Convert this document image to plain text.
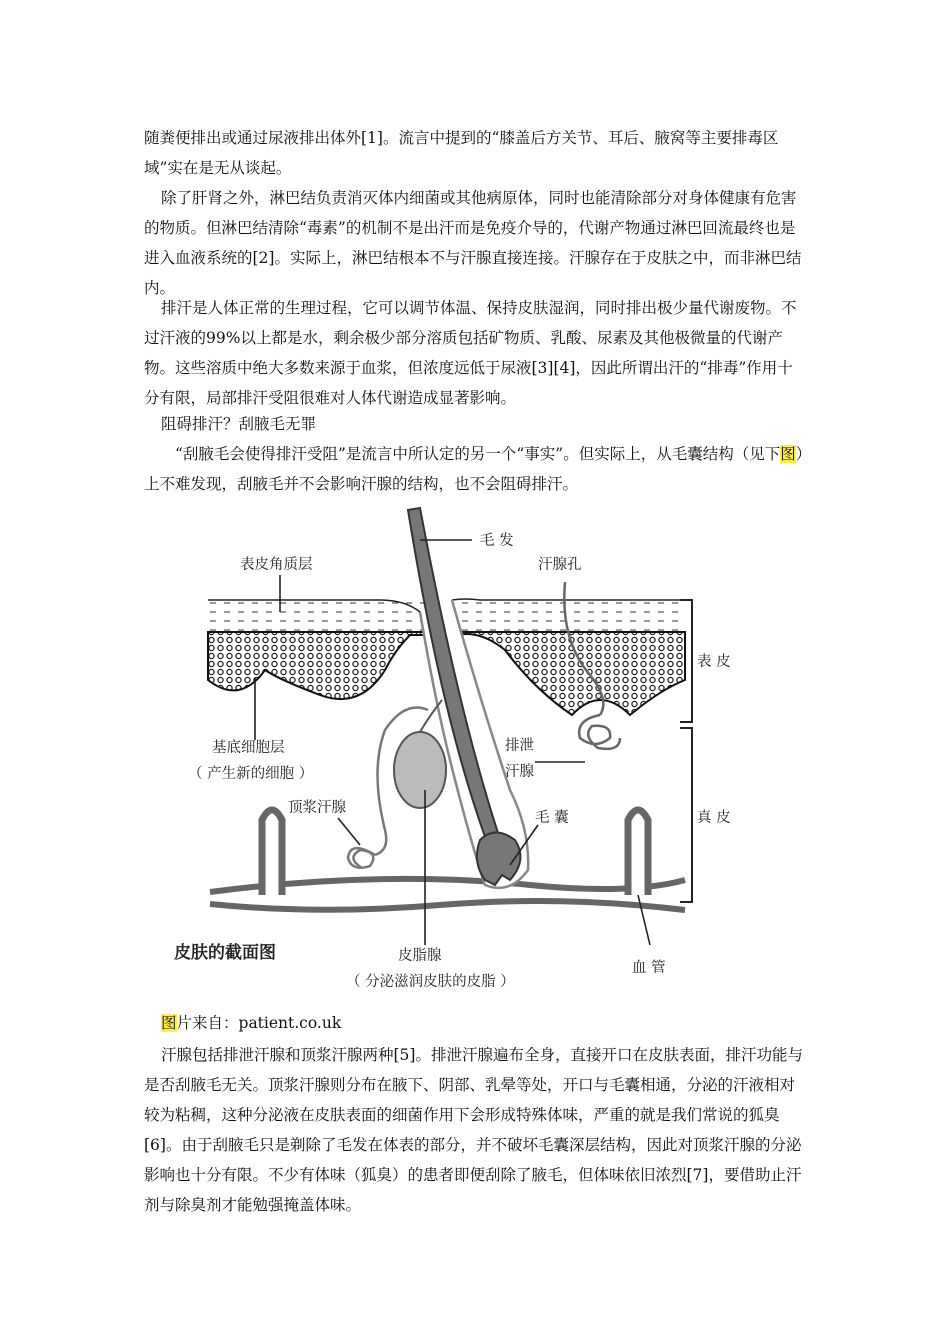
随粪便排出或通过尿液排出体外[1]。流言中提到的“膝盖后方关节、耳后、腋窝等主要排毒区域”实在是无从谈起。

除了肝肾之外，淋巴结负责消灭体内细菌或其他病原体，同时也能清除部分对身体健康有危害的物质。但淋巴结清除“毒素”的机制不是出汗而是免疫介导的，代谢产物通过淋巴回流最终也是进入血液系统的[2]。实际上，淋巴结根本不与汗腺直接连接。汗腺存在于皮肤之中，而非淋巴结内。

排汗是人体正常的生理过程，它可以调节体温、保持皮肤湿润，同时排出极少量代谢废物。不过汗液的99%以上都是水，剩余极少部分溶质包括矿物质、乳酸、尿素及其他极微量的代谢产物。这些溶质中绝大多数来源于血浆，但浓度远低于尿液[3][4]，因此所谓出汗的“排毒”作用十分有限，局部排汗受阻很难对人体代谢造成显著影响。

阻碍排汗？刮腋毛无罪

“刮腋毛会使得排汗受阻”是流言中所认定的另一个“事实”。但实际上，从毛囊结构（见下图）上不难发现，刮腋毛并不会影响汗腺的结构，也不会阻碍排汗。

毛 发
表皮角质层	汗腺孔
表 皮
基底细胞层
（ 产生新的细胞 ）
排泄
汗腺
顶浆汗腺
毛 囊	真 皮
皮肤的截面图	皮脂腺
（ 分泌滋润皮肤的皮脂 ）
血 管

图片来自：patient.co.uk

汗腺包括排泄汗腺和顶浆汗腺两种[5]。排泄汗腺遍布全身，直接开口在皮肤表面，排汗功能与是否刮腋毛无关。顶浆汗腺则分布在腋下、阴部、乳晕等处，开口与毛囊相通，分泌的汗液相对较为粘稠，这种分泌液在皮肤表面的细菌作用下会形成特殊体味，严重的就是我们常说的狐臭[6]。由于刮腋毛只是剃除了毛发在体表的部分，并不破坏毛囊深层结构，因此对顶浆汗腺的分泌影响也十分有限。不少有体味（狐臭）的患者即便刮除了腋毛，但体味依旧浓烈[7]，要借助止汗剂与除臭剂才能勉强掩盖体味。
